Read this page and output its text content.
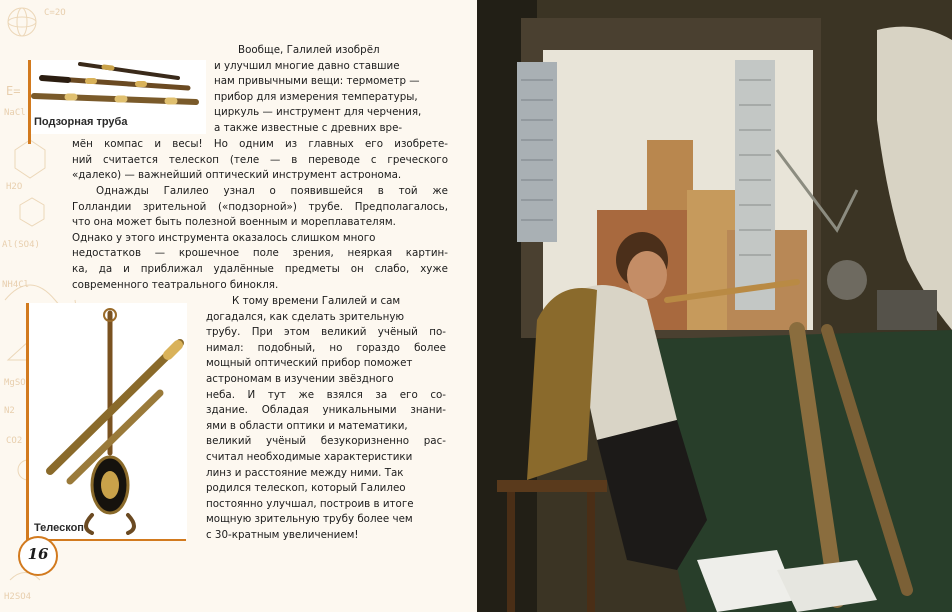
C=2O
E=
NaCl
H2O
Al(SO4)
NH4Cl
MgSO
N2
CO2
H2SO4
Подзорная труба
Телескоп

Вообще, Галилей изобрёл

и улучшил многие давно ставшие

нам привычными вещи: термометр —

прибор для измерения температуры,

циркуль — инструмент для черчения,

а также известные с древних вре-

мён компас и весы! Но одним из главных его изобрете-

ний считается телескоп (теле — в переводе с греческого

«далеко) — важнейший оптический инструмент астронома.

Однажды Галилео узнал о появившейся в той же

Голландии зрительной («подзорной») трубе. Предполагалось,

что она может быть полезной военным и мореплавателям.

Однако у этого инструмента оказалось слишком много

недостатков — крошечное поле зрения, неяркая картин-

ка, да и приближал удалённые предметы он слабо, хуже

современного театрального бинокля.

К тому времени Галилей и сам

догадался, как сделать зрительную

трубу. При этом великий учёный по-

нимал: подобный, но гораздо более

мощный оптический прибор поможет

астрономам в изучении звёздного

неба. И тут же взялся за его со-

здание. Обладая уникальными знани-

ями в области оптики и математики,

великий учёный безукоризненно рас-

считал необходимые характеристики

линз и расстояние между ними. Так

родился телескоп, который Галилео

постоянно улучшал, построив в итоге

мощную зрительную трубу более чем

с 30-кратным увеличением!

16
